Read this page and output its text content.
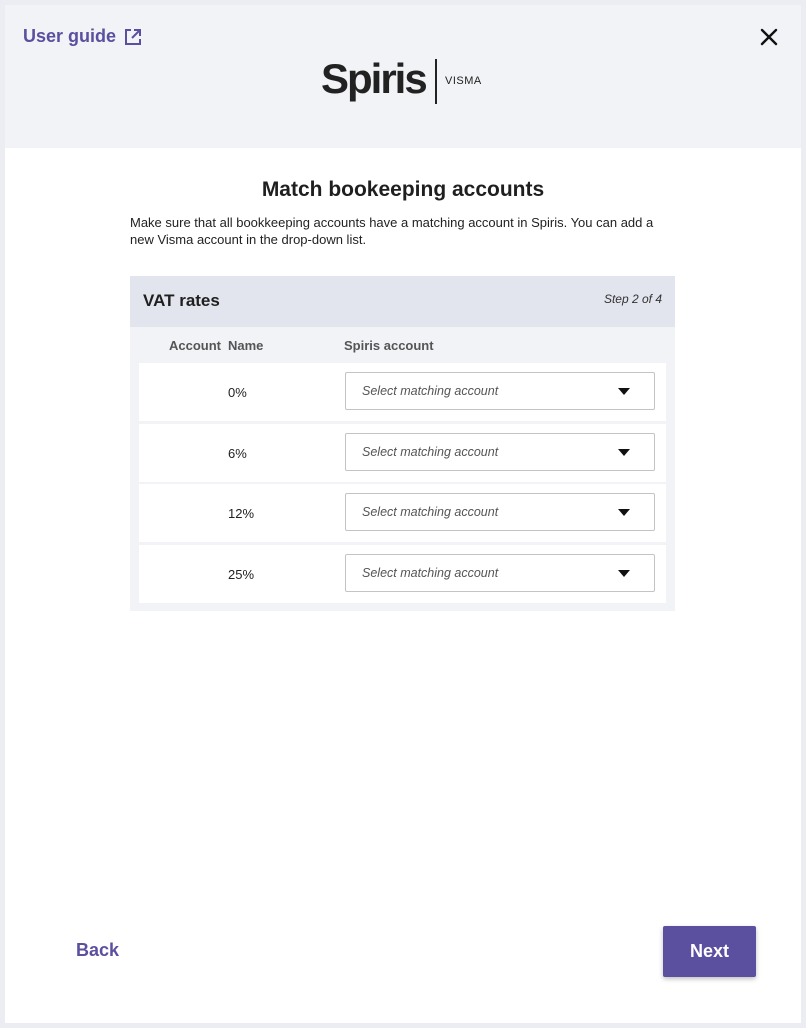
User guide
Spiris VISMA
Match bookeeping accounts

Make sure that all bookkeeping accounts have a matching account in Spiris. You can add a new Visma account in the drop-down list.

VAT rates	Step 2 of 4
Account Name	Spiris account
0%	Select matching account
6%	Select matching account
12%	Select matching account
25%	Select matching account
Back	Next
